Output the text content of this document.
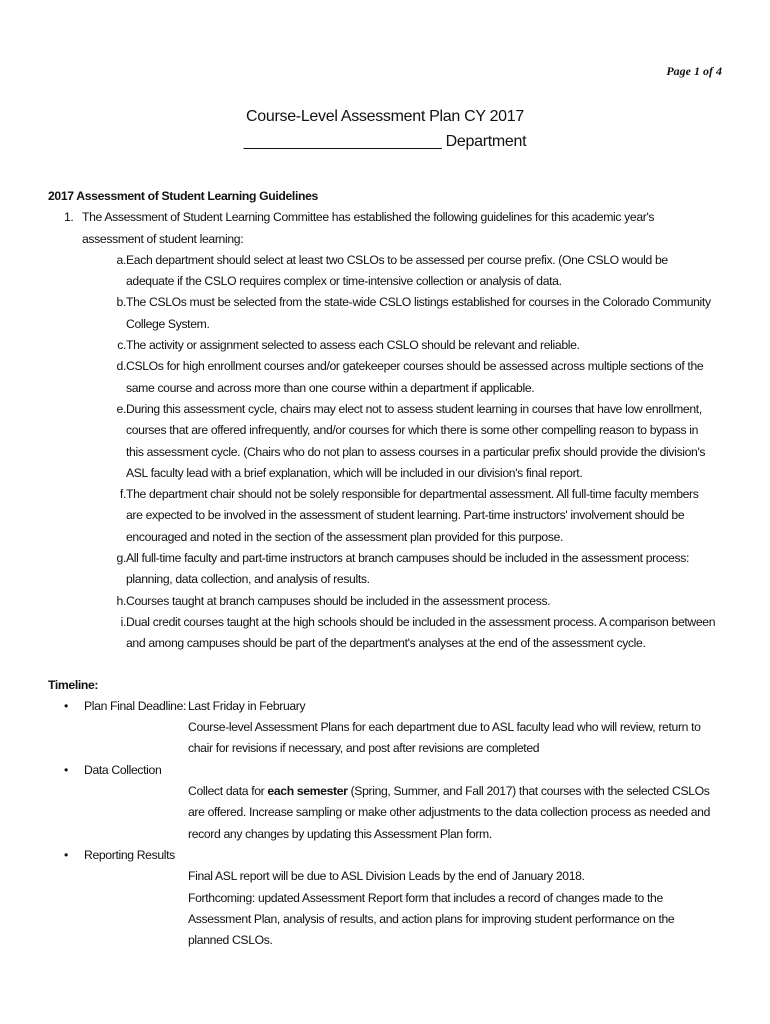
Page 1 of 4
Course-Level Assessment Plan CY 2017
_______________________ Department
2017 Assessment of Student Learning Guidelines
1. The Assessment of Student Learning Committee has established the following guidelines for this academic year's assessment of student learning:
a. Each department should select at least two CSLOs to be assessed per course prefix. (One CSLO would be adequate if the CSLO requires complex or time-intensive collection or analysis of data.
b. The CSLOs must be selected from the state-wide CSLO listings established for courses in the Colorado Community College System.
c. The activity or assignment selected to assess each CSLO should be relevant and reliable.
d. CSLOs for high enrollment courses and/or gatekeeper courses should be assessed across multiple sections of the same course and across more than one course within a department if applicable.
e. During this assessment cycle, chairs may elect not to assess student learning in courses that have low enrollment, courses that are offered infrequently, and/or courses for which there is some other compelling reason to bypass in this assessment cycle. (Chairs who do not plan to assess courses in a particular prefix should provide the division's ASL faculty lead with a brief explanation, which will be included in our division's final report.
f. The department chair should not be solely responsible for departmental assessment. All full-time faculty members are expected to be involved in the assessment of student learning. Part-time instructors' involvement should be encouraged and noted in the section of the assessment plan provided for this purpose.
g. All full-time faculty and part-time instructors at branch campuses should be included in the assessment process: planning, data collection, and analysis of results.
h. Courses taught at branch campuses should be included in the assessment process.
i. Dual credit courses taught at the high schools should be included in the assessment process. A comparison between and among campuses should be part of the department's analyses at the end of the assessment cycle.
Timeline:
•	Plan Final Deadline: Last Friday in February
Course-level Assessment Plans for each department due to ASL faculty lead who will review, return to chair for revisions if necessary, and post after revisions are completed
•	Data Collection
Collect data for each semester (Spring, Summer, and Fall 2017) that courses with the selected CSLOs are offered. Increase sampling or make other adjustments to the data collection process as needed and record any changes by updating this Assessment Plan form.
•	Reporting Results
Final ASL report will be due to ASL Division Leads by the end of January 2018.
Forthcoming: updated Assessment Report form that includes a record of changes made to the Assessment Plan, analysis of results, and action plans for improving student performance on the planned CSLOs.
